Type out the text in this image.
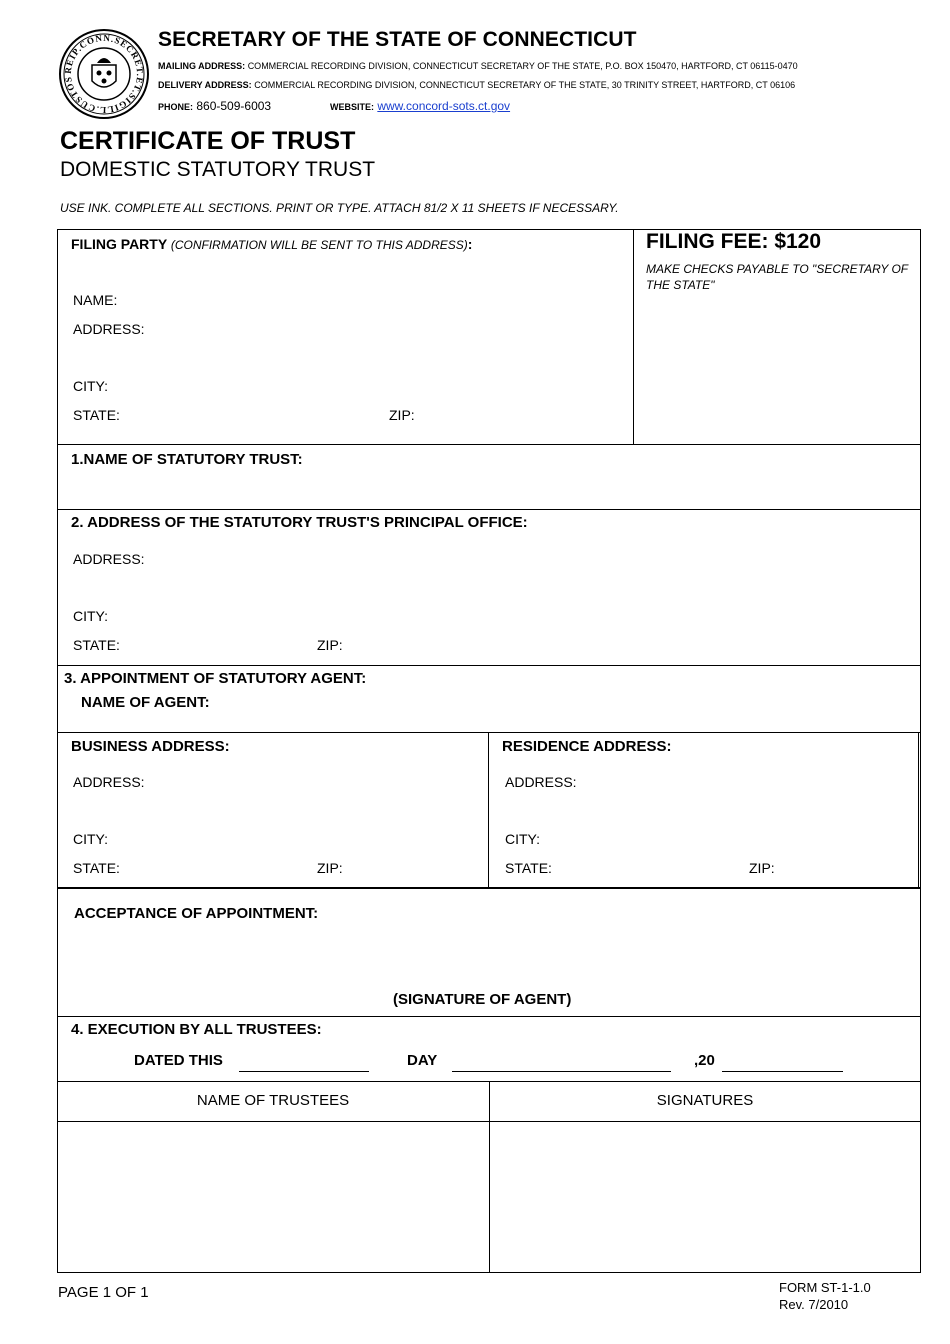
REIP.CONN.SECRET.ET.SIGILL.CUSTOS
SECRETARY OF THE STATE OF CONNECTICUT
MAILING ADDRESS: COMMERCIAL RECORDING DIVISION, CONNECTICUT SECRETARY OF THE STATE, P.O. BOX 150470, HARTFORD, CT 06115-0470
DELIVERY ADDRESS: COMMERCIAL RECORDING DIVISION, CONNECTICUT SECRETARY OF THE STATE, 30 TRINITY STREET, HARTFORD, CT 06106
PHONE: 860-509-6003	WEBSITE: www.concord-sots.ct.gov
CERTIFICATE OF TRUST
DOMESTIC STATUTORY TRUST
USE INK. COMPLETE ALL SECTIONS. PRINT OR TYPE. ATTACH 81/2 X 11 SHEETS IF NECESSARY.
FILING PARTY (CONFIRMATION WILL BE SENT TO THIS ADDRESS):
NAME:
ADDRESS:
CITY:
STATE:	ZIP:
FILING FEE: $120
MAKE CHECKS PAYABLE TO "SECRETARY OF THE STATE"
1.NAME OF STATUTORY TRUST:
2. ADDRESS OF THE STATUTORY TRUST'S PRINCIPAL OFFICE:
ADDRESS:
CITY:
STATE:	ZIP:
3. APPOINTMENT OF STATUTORY AGENT:
NAME OF AGENT:
BUSINESS ADDRESS:
ADDRESS:
CITY:
STATE:	ZIP:
RESIDENCE ADDRESS:
ADDRESS:
CITY:
STATE:	ZIP:
ACCEPTANCE OF APPOINTMENT:
(SIGNATURE OF AGENT)
4. EXECUTION BY ALL TRUSTEES:
DATED THIS	DAY	,20
NAME OF TRUSTEES	SIGNATURES
PAGE 1 OF 1	FORM ST-1-1.0
Rev. 7/2010
